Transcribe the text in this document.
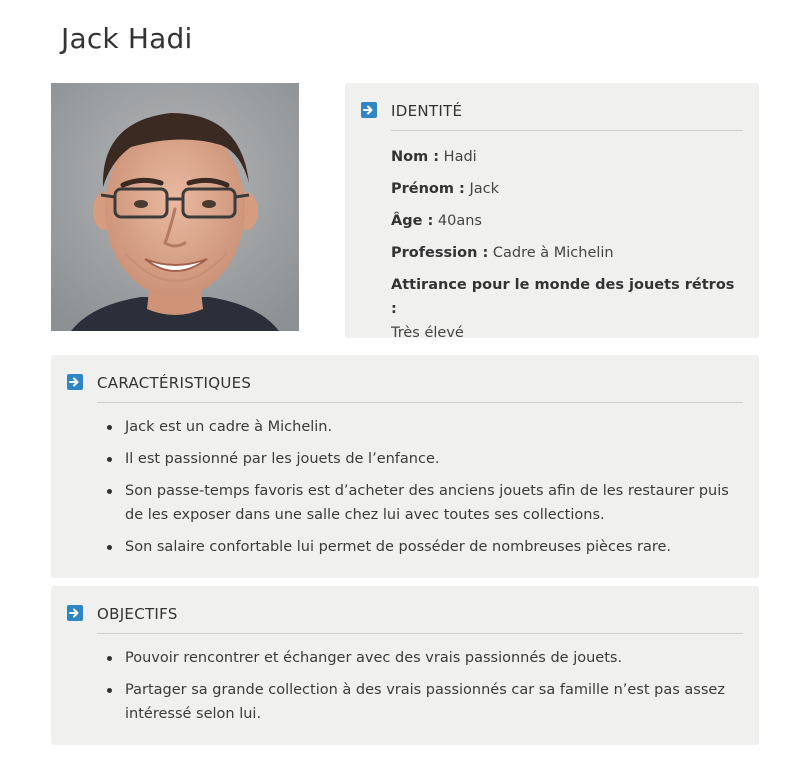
Jack Hadi
IDENTITÉ
Nom : Hadi
Prénom : Jack
Âge : 40ans
Profession : Cadre à Michelin
Attirance pour le monde des jouets rétros :
Très élevé
CARACTÉRISTIQUES
Jack est un cadre à Michelin.
Il est passionné par les jouets de l’enfance.
Son passe-temps favoris est d’acheter des anciens jouets afin de les restaurer puis de les exposer dans une salle chez lui avec toutes ses collections.
Son salaire confortable lui permet de posséder de nombreuses pièces rare.
OBJECTIFS
Pouvoir rencontrer et échanger avec des vrais passionnés de jouets.
Partager sa grande collection à des vrais passionnés car sa famille n’est pas assez intéressé selon lui.
